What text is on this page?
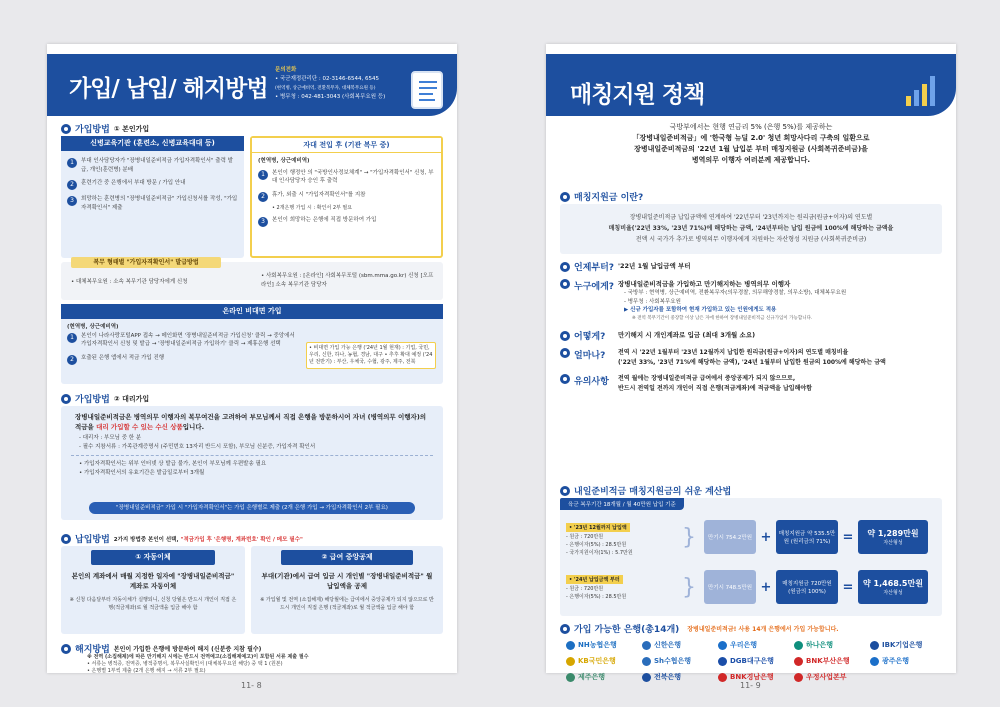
가입/ 납입/ 해지방법
문의전화
• 국군재정관리단 : 02-3146-6544, 6545
(현역병, 상근예비역, 전환복무자, 대체복무요원 등)
• 병무청 : 042-481-3043 (사회복무요원 등)
가입방법 ① 본인가입
신병교육기관 (훈련소, 신병교육대대 등)
1	부대 인사담당자가 "장병내일준비적금 가입자격확인서" 출력 발급, 개인(훈련병) 분배
2	훈련기간 중 은행에서 부대 방문 / 가입 안내
3	희망하는 훈련병의 "장병내일준비적금" 가입신청서를 작성, "가입자격확인서" 제출
자대 전입 후 (기관 복무 중)
(현역병, 상근예비역)
1	본인이 행정안 의 "국방인사정보체계" → "가입자격확인서" 신청, 부대 인사담당자 승인 후 출력
2	휴가, 외출 시 "가입자격확인서"를 지참
• 2개은행 가입 시 : 확인서 2부 필요
3	본인이 희망하는 은행에 직접 방문하여 가입
복무 형태별 "가입자격확인서" 발급방법
• 대체복무요원 : 소속 복무기관 담당자에게 신청
• 사회복무요원 : [온라인] 사회복무포털 (sbm.mma.go.kr) 신청 [오프라인] 소속 복무기관 담당자
온라인 비대면 가입
(현역병, 상근예비역)
1	본인이 나라사랑포털APP 접속 → 메인화면 '장병내일준비적금 가입신청' 클릭 → 중앙에서 가입자격확인서 신청 및 발급 → '장병내일준비적금 가입하기' 클릭 → 제휴은행 선택
2	호출된 은행 앱에서 적금 가입 진행
• 비대면 가입 가능 은행 ('24년 1월 현재) : 기업, 국민, 우리, 신한, 하나, 농협, 경남, 대구 • 추후 확대 예정 ('24년 전반기) : 부산, 우체국, 수협, 광주, 제주, 전북
가입방법 ② 대리가입
장병내일준비적금은 병역의무 이행자의 복무여건을 고려하여 부모님께서 직접 은행을 방문하시어 자녀 (병역의무 이행자)의 적금을 대리 가입할 수 있는 수신 상품입니다.
- 대리자 : 부모님 중 한 분
- 필수 지참서류 : 가족관계증명서 (주민번호 13자리 반드시 포함), 부모님 신분증, 가입자격 확인서
• 가입자격확인서는 위부 인터넷 상 발급 불가, 본인이 부모님께 우편발송 필요
• 가입자격확인서의 유효기간은 발급일로부터 3개월
"장병내일준비적금" 가입 시 "가입자격확인서"는 가입 은행별로 제출 (2개 은행 가입 → 가입자격확인서 2부 필요)
납입방법 2가지 방법중 본인이 선택, "적금가입 후 '은행명, 계좌번호' 확인 / 메모 필수"
① 자동이체
본인의 계좌에서 매월 지정한 일자에 "장병내일준비적금" 계좌로 자동이체
※ 신청 다음달부터 자동이체가 실행되니, 신청 당월은 반드시 개인이 직접 은행(적금계좌)로 월 적금액을 입금 해야 함
② 급여 중앙공제
부대(기관)에서 급여 입금 시 개인별 "장병내일준비적금" 월 납입액을 공제
※ 가입월 및 전역 (소집해제) 해당월에는 급여에서 중앙공제가 되지 않으므로 반드시 개인이 직접 은행 (적금계좌)로 월 적금액을 입금 해야 함
해지방법 본인이 가입한 은행에 방문하여 해지 (신분증 지참 필수)
※ 전역 (소집해제)에 따른 만기해지 시에는 반드시 전역예고(소집해제예고)이 포함된 서류 제출 필수
• 서류는 병적증, 전역증, 병적증명서, 복무사실확인서 (대체복무요원 해당) 중 택 1 (원본)
• 은행별 1부씩 제출 (2개 은행 해지 → 서류 2부 필요)
11- 8
매칭지원 정책
국방부에서는 현행 연금리 5% (은행 5%)를 제공하는
「장병내일준비적금」에 '한국형 뉴딜 2.0' 청년 희망사다리 구축의 일환으로
장병내일준비적금의 '22년 1월 납입분 부터 매칭지원금 (사회복귀준비금)을
병역의무 이행자 여러분께 제공합니다.
매칭지원금 이란?
장병내일준비적금 납입금액에 연계하여 '22년부터 '23년까지는 원리금(원금+이자)의 연도별
매칭비율('22년 33%, '23년 71%)에 해당하는 금액, '24년부터는 납입 원금에 100%에 해당하는 금액을
전액 시 국가가 추가로 병역의무 이행자에게 지원하는 자산형성 지원금 (사회복귀준비금)
언제부터? '22년 1월 납입금액 부터
누구에게? 장병내일준비적금을 가입하고 만기해지하는 병역의무 이행자
- 국방부 : 현역병, 상근예비역, 전환복무자(의무경찰, 의무해양경찰, 의무소방), 대체복무요원
- 병무청 : 사회복무요원
▶ 신규 가입자를 포함하여 현재 가입하고 있는 인원에게도 적용
※ 전역 복무기간이 중장할 이상 남은 자에 한하여 장병내일준비적금 신규가입이 가능합니다.
어떻게? 만기해지 시 개인계좌로 입금 (최대 3개월 소요)
얼마나? 전역 시 '22년 1월부터 '23년 12월까지 납입한 원리금(원금+이자)의 연도별 매칭비율
('22년 33%, '23년 71%에 해당하는 금액), '24년 1월부터 납입한 원금의 100%에 해당하는 금액
유의사항 전역 월에는 장병내일준비적금 급여에서 중앙공제가 되지 않으므로,
반드시 전역일 전까지 개인이 직접 은행(적금계좌)에 적금액을 납입해야함
내일준비적금 매칭지원금의 쉬운 계산법
육군 복무기간 18개월 / 월 40만원 납입 기준
• '23년 12월까지 납입액
- 원금 : 720만원
- 은행이자(5%) : 28.5만원
- 국가지원이자(1%) : 5.7만원
}	만기시 754.2만원 +	매칭지원금 약 535.5만원 (원리금의 71%) =	약 1,289만원
자산형성
• '24년 납입금액 부터
- 원금 : 720만원
- 은행이자(5%) : 28.5만원	}	만기시 748.5만원 +	매칭지원금 720만원 (원금의 100%)	=	약 1,468.5만원
자산형성
가입 가능한 은행(총14개) 장병내일준비적금! 사용 14개 은행에서 가입 가능합니다.
NH농협은행	신한은행	우리은행	하나은행	IBK기업은행
KB국민은행	Sh수협은행	DGB대구은행	BNK부산은행	광주은행
제주은행	전북은행	BNK경남은행	우정사업본부
11- 9
